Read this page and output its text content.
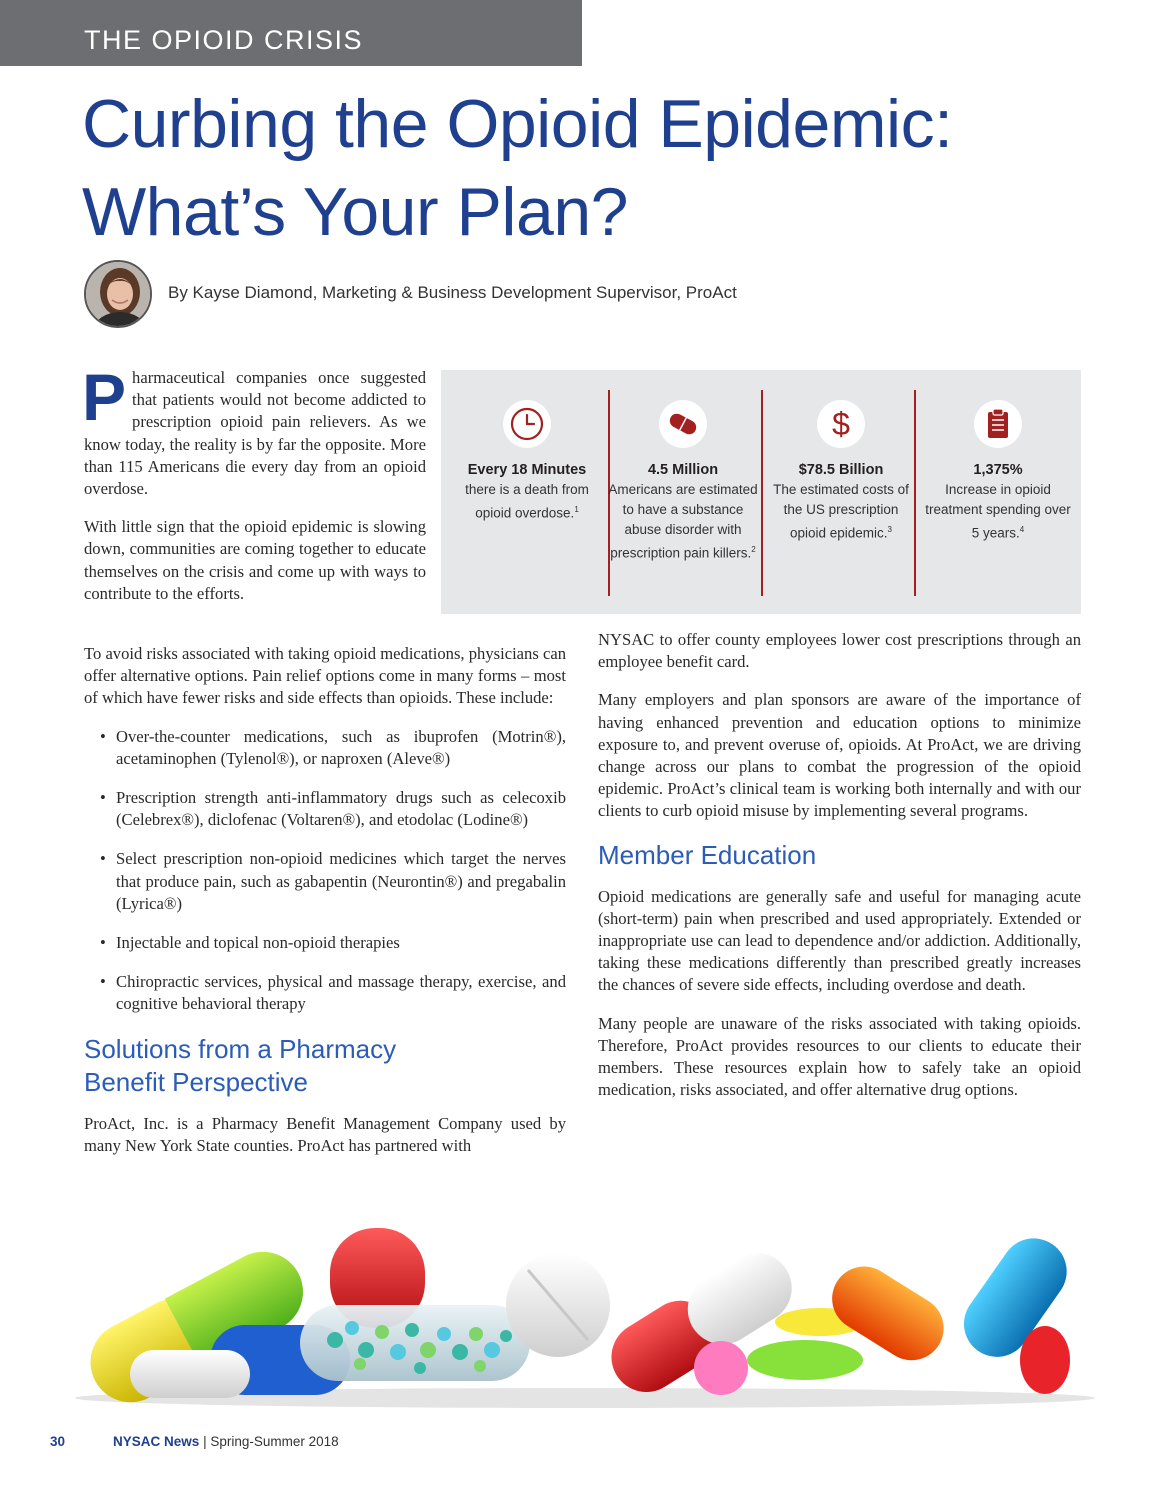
THE OPIOID CRISIS
Curbing the Opioid Epidemic:
What’s Your Plan?
By Kayse Diamond, Marketing & Business Development Supervisor, ProAct

Pharmaceutical companies once suggested that patients would not become addicted to prescription opioid pain relievers. As we know today, the reality is by far the opposite. More than 115 Americans die every day from an opioid overdose.

With little sign that the opioid epidemic is slowing down, communities are coming together to educate themselves on the crisis and come up with ways to contribute to the efforts.

Every 18 Minutes
there is a death from opioid overdose.$^1$
4.5 Million
Americans are estimated to have a substance abuse disorder with prescription pain killers.$^2$
$
$78.5 Billion
The estimated costs of the US prescription opioid epidemic.$^3$
1,375%
Increase in opioid treatment spending over 5 years.$^4$

To avoid risks associated with taking opioid medications, physicians can offer alternative options. Pain relief options come in many forms – most of which have fewer risks and side effects than opioids. These include:

• Over-the-counter medications, such as ibuprofen (Motrin®), acetaminophen (Tylenol®), or naproxen (Aleve®)
• Prescription strength anti-inflammatory drugs such as celecoxib (Celebrex®), diclofenac (Voltaren®), and etodolac (Lodine®)
• Select prescription non-opioid medicines which target the nerves that produce pain, such as gabapentin (Neurontin®) and pregabalin (Lyrica®)
• Injectable and topical non-opioid therapies
• Chiropractic services, physical and massage therapy, exercise, and cognitive behavioral therapy
Solutions from a Pharmacy
Benefit Perspective

ProAct, Inc. is a Pharmacy Benefit Management Company used by many New York State counties. ProAct has partnered with

NYSAC to offer county employees lower cost prescriptions through an employee benefit card.

Many employers and plan sponsors are aware of the importance of having enhanced prevention and education options to minimize exposure to, and prevent overuse of, opioids. At ProAct, we are driving change across our plans to combat the progression of the opioid epidemic. ProAct’s clinical team is working both internally and with our clients to curb opioid misuse by implementing several programs.

Member Education

Opioid medications are generally safe and useful for managing acute (short-term) pain when prescribed and used appropriately. Extended or inappropriate use can lead to dependence and/or addiction. Additionally, taking these medications differently than prescribed greatly increases the chances of severe side effects, including overdose and death.

Many people are unaware of the risks associated with taking opioids. Therefore, ProAct provides resources to our clients to educate their members. These resources explain how to safely take an opioid medication, risks associated, and offer alternative drug options.

30	NYSAC News | Spring-Summer 2018
